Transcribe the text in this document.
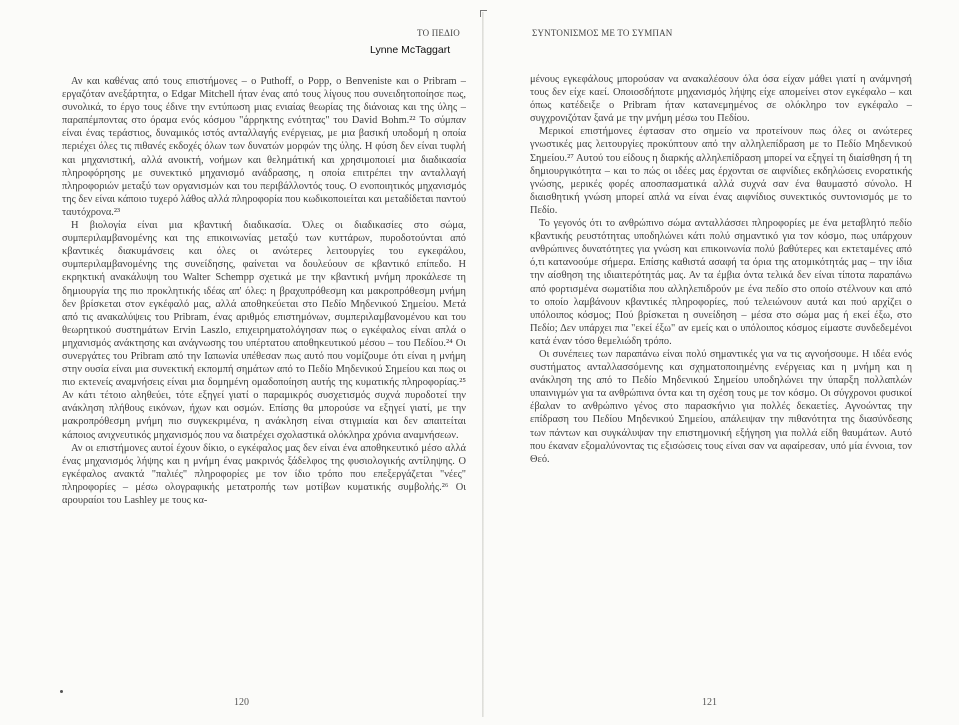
ΤΟ ΠΕΔΙΟ
Lynne McTaggart

Αν και καθένας από τους επιστήμονες – ο Puthoff, ο Popp, ο Benveniste και ο Pribram – εργαζόταν ανεξάρτητα, ο Edgar Mitchell ήταν ένας από τους λίγους που συνειδητοποίησε πως, συνολικά, το έργο τους έδινε την εντύπωση μιας ενιαίας θεωρίας της διάνοιας και της ύλης – παραπέμποντας στο όραμα ενός κόσμου "άρρηκτης ενότητας" του David Bohm.²² Το σύμπαν είναι ένας τεράστιος, δυναμικός ιστός ανταλλαγής ενέργειας, με μια βασική υποδομή η οποία περιέχει όλες τις πιθανές εκδοχές όλων των δυνατών μορφών της ύλης. Η φύση δεν είναι τυφλή και μηχανιστική, αλλά ανοικτή, νοήμων και θελημάτική και χρησιμοποιεί μια διαδικασία πληροφόρησης με συνεκτικό μηχανισμό ανάδρασης, η οποία επιτρέπει την ανταλλαγή πληροφοριών μεταξύ των οργανισμών και του περιβάλλοντός τους. Ο ενοποιητικός μηχανισμός της δεν είναι κάποιο τυχερό λάθος αλλά πληροφορία που κωδικοποιείται και μεταδίδεται παντού ταυτόχρονα.²³

Η βιολογία είναι μια κβαντική διαδικασία. Όλες οι διαδικασίες στο σώμα, συμπεριλαμβανομένης και της επικοινωνίας μεταξύ των κυττάρων, πυροδοτούνται από κβαντικές διακυμάνσεις και όλες οι ανώτερες λειτουργίες του εγκεφάλου, συμπεριλαμβανομένης της συνείδησης, φαίνεται να δουλεύουν σε κβαντικό επίπεδο. Η εκρηκτική ανακάλυψη του Walter Schempp σχετικά με την κβαντική μνήμη προκάλεσε τη δημιουργία της πιο προκλητικής ιδέας απ' όλες: η βραχυπρόθεσμη και μακροπρόθεσμη μνήμη δεν βρίσκεται στον εγκέφαλό μας, αλλά αποθηκεύεται στο Πεδίο Μηδενικού Σημείου. Μετά από τις ανακαλύψεις του Pribram, ένας αριθμός επιστημόνων, συμπεριλαμβανομένου και του θεωρητικού συστημάτων Ervin Laszlo, επιχειρηματολόγησαν πως ο εγκέφαλος είναι απλά ο μηχανισμός ανάκτησης και ανάγνωσης του υπέρτατου αποθηκευτικού μέσου – του Πεδίου.²⁴ Οι συνεργάτες του Pribram από την Ιαπωνία υπέθεσαν πως αυτό που νομίζουμε ότι είναι η μνήμη στην ουσία είναι μια συνεκτική εκπομπή σημάτων από το Πεδίο Μηδενικού Σημείου και πως οι πιο εκτενείς αναμνήσεις είναι μια δομημένη ομαδοποίηση αυτής της κυματικής πληροφορίας.²⁵ Αν κάτι τέτοιο αληθεύει, τότε εξηγεί γιατί ο παραμικρός συσχετισμός συχνά πυροδοτεί την ανάκληση πλήθους εικόνων, ήχων και οσμών. Επίσης θα μπορούσε να εξηγεί γιατί, με την μακροπρόθεσμη μνήμη πιο συγκεκριμένα, η ανάκληση είναι στιγμιαία και δεν απαιτείται κάποιος ανιχνευτικός μηχανισμός που να διατρέχει σχολαστικά ολόκληρα χρόνια αναμνήσεων.

Αν οι επιστήμονες αυτοί έχουν δίκιο, ο εγκέφαλος μας δεν είναι ένα αποθηκευτικό μέσο αλλά ένας μηχανισμός λήψης και η μνήμη ένας μακρινός ξάδελφος της φυσιολογικής αντίληψης. Ο εγκέφαλος ανακτά "παλιές" πληροφορίες με τον ίδιο τρόπο που επεξεργάζεται "νέες" πληροφορίες – μέσω ολογραφικής μετατροπής των μοτίβων κυματικής συμβολής.²⁶ Οι αρουραίοι του Lashley με τους κα-

120
ΣΥΝΤΟΝΙΣΜΟΣ ΜΕ ΤΟ ΣΥΜΠΑΝ

μένους εγκεφάλους μπορούσαν να ανακαλέσουν όλα όσα είχαν μάθει γιατί η ανάμνησή τους δεν είχε καεί. Οποιοσδήποτε μηχανισμός λήψης είχε απομείνει στον εγκέφαλο – και όπως κατέδειξε ο Pribram ήταν κατανεμημένος σε ολόκληρο τον εγκέφαλο – συγχρονιζόταν ξανά με την μνήμη μέσω του Πεδίου.

Μερικοί επιστήμονες έφτασαν στο σημείο να προτείνουν πως όλες οι ανώτερες γνωστικές μας λειτουργίες προκύπτουν από την αλληλεπίδραση με το Πεδίο Μηδενικού Σημείου.²⁷ Αυτού του είδους η διαρκής αλληλεπίδραση μπορεί να εξηγεί τη διαίσθηση ή τη δημιουργικότητα – και το πώς οι ιδέες μας έρχονται σε αιφνίδιες εκδηλώσεις ενορατικής γνώσης, μερικές φορές αποσπασματικά αλλά συχνά σαν ένα θαυμαστό σύνολο. Η διαισθητική γνώση μπορεί απλά να είναι ένας αιφνίδιος συνεκτικός συντονισμός με το Πεδίο.

Το γεγονός ότι το ανθρώπινο σώμα ανταλλάσσει πληροφορίες με ένα μεταβλητό πεδίο κβαντικής ρευστότητας υποδηλώνει κάτι πολύ σημαντικό για τον κόσμο, πως υπάρχουν ανθρώπινες δυνατότητες για γνώση και επικοινωνία πολύ βαθύτερες και εκτεταμένες από ό,τι κατανοούμε σήμερα. Επίσης καθιστά ασαφή τα όρια της ατομικότητάς μας – την ίδια την αίσθηση της ιδιαιτερότητάς μας. Αν τα έμβια όντα τελικά δεν είναι τίποτα παραπάνω από φορτισμένα σωματίδια που αλληλεπιδρούν με ένα πεδίο στο οποίο στέλνουν και από το οποίο λαμβάνουν κβαντικές πληροφορίες, πού τελειώνουν αυτά και πού αρχίζει ο υπόλοιπος κόσμος; Πού βρίσκεται η συνείδηση – μέσα στο σώμα μας ή εκεί έξω, στο Πεδίο; Δεν υπάρχει πια "εκεί έξω" αν εμείς και ο υπόλοιπος κόσμος είμαστε συνδεδεμένοι κατά έναν τόσο θεμελιώδη τρόπο.

Οι συνέπειες των παραπάνω είναι πολύ σημαντικές για να τις αγνοήσουμε. Η ιδέα ενός συστήματος ανταλλασσόμενης και σχηματοποιημένης ενέργειας και η μνήμη και η ανάκληση της από το Πεδίο Μηδενικού Σημείου υποδηλώνει την ύπαρξη πολλαπλών υπαινιγμών για τα ανθρώπινα όντα και τη σχέση τους με τον κόσμο. Οι σύγχρονοι φυσικοί έβαλαν το ανθρώπινο γένος στο παρασκήνιο για πολλές δεκαετίες. Αγνοώντας την επίδραση του Πεδίου Μηδενικού Σημείου, απάλειψαν την πιθανότητα της διασύνδεσης των πάντων και συγκάλυψαν την επιστημονική εξήγηση για πολλά είδη θαυμάτων. Αυτό που έκαναν εξομαλύνοντας τις εξισώσεις τους είναι σαν να αφαίρεσαν, υπό μία έννοια, τον Θεό.

121
